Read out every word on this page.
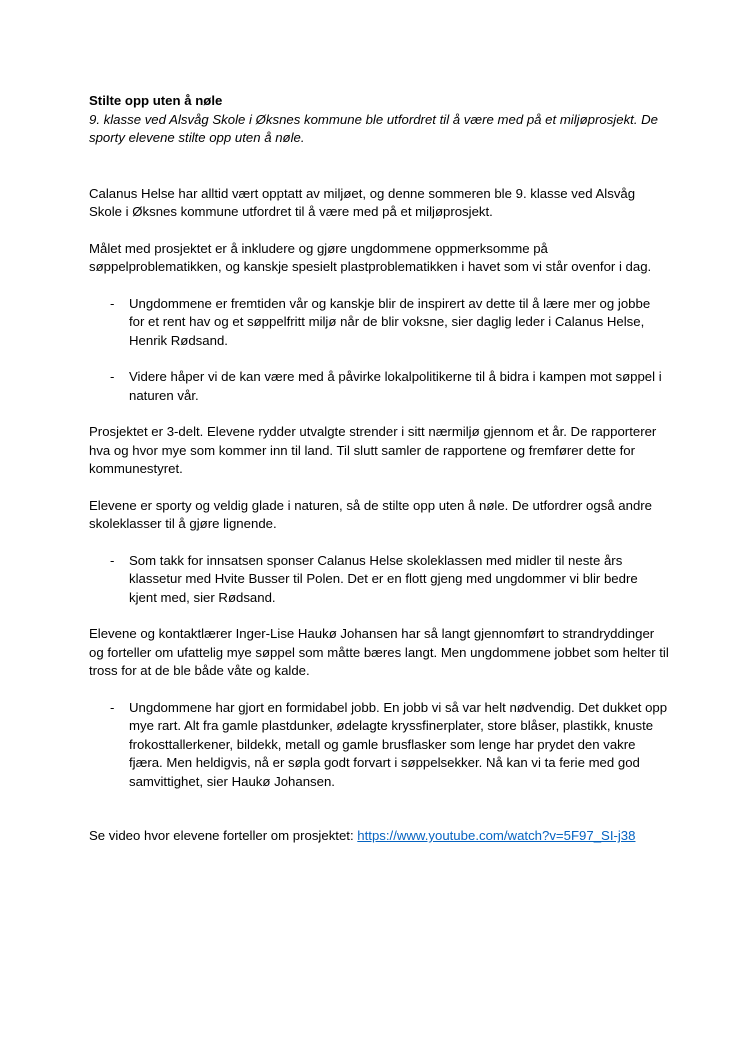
Stilte opp uten å nøle

9. klasse ved Alsvåg Skole i Øksnes kommune ble utfordret til å være med på et miljøprosjekt. De sporty elevene stilte opp uten å nøle.

Calanus Helse har alltid vært opptatt av miljøet, og denne sommeren ble 9. klasse ved Alsvåg Skole i Øksnes kommune utfordret til å være med på et miljøprosjekt.

Målet med prosjektet er å inkludere og gjøre ungdommene oppmerksomme på søppelproblematikken, og kanskje spesielt plastproblematikken i havet som vi står ovenfor i dag.

-	Ungdommene er fremtiden vår og kanskje blir de inspirert av dette til å lære mer og jobbe for et rent hav og et søppelfritt miljø når de blir voksne, sier daglig leder i Calanus Helse, Henrik Rødsand.
-	Videre håper vi de kan være med å påvirke lokalpolitikerne til å bidra i kampen mot søppel i naturen vår.

Prosjektet er 3-delt. Elevene rydder utvalgte strender i sitt nærmiljø gjennom et år. De rapporterer hva og hvor mye som kommer inn til land. Til slutt samler de rapportene og fremfører dette for kommunestyret.

Elevene er sporty og veldig glade i naturen, så de stilte opp uten å nøle. De utfordrer også andre skoleklasser til å gjøre lignende.

-	Som takk for innsatsen sponser Calanus Helse skoleklassen med midler til neste års klassetur med Hvite Busser til Polen. Det er en flott gjeng med ungdommer vi blir bedre kjent med, sier Rødsand.

Elevene og kontaktlærer Inger-Lise Haukø Johansen har så langt gjennomført to strandryddinger og forteller om ufattelig mye søppel som måtte bæres langt. Men ungdommene jobbet som helter til tross for at de ble både våte og kalde.

-	Ungdommene har gjort en formidabel jobb. En jobb vi så var helt nødvendig. Det dukket opp mye rart. Alt fra gamle plastdunker, ødelagte kryssfinerplater, store blåser, plastikk, knuste frokosttallerkener, bildekk, metall og gamle brusflasker som lenge har prydet den vakre fjæra. Men heldigvis, nå er søpla godt forvart i søppelsekker. Nå kan vi ta ferie med god samvittighet, sier Haukø Johansen.

Se video hvor elevene forteller om prosjektet: https://www.youtube.com/watch?v=5F97_SI-j38
